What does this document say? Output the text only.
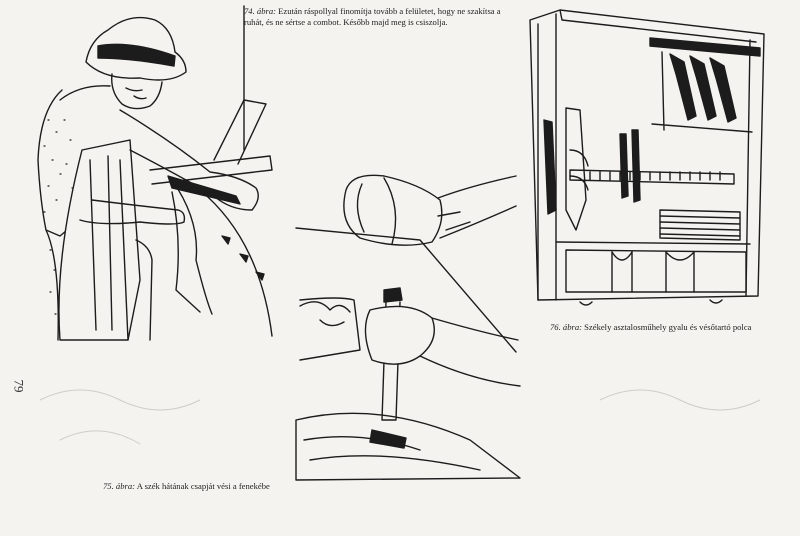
74. ábra: Ezután ráspollyal finomítja tovább a felületet, hogy ne szakítsa a ruhát, és ne sértse a combot. Később majd meg is csiszolja.
75. ábra: A szék hátának csapját vési a fenekébe
76. ábra: Székely asztalosműhely gyalu és vésőtartó polca
79
